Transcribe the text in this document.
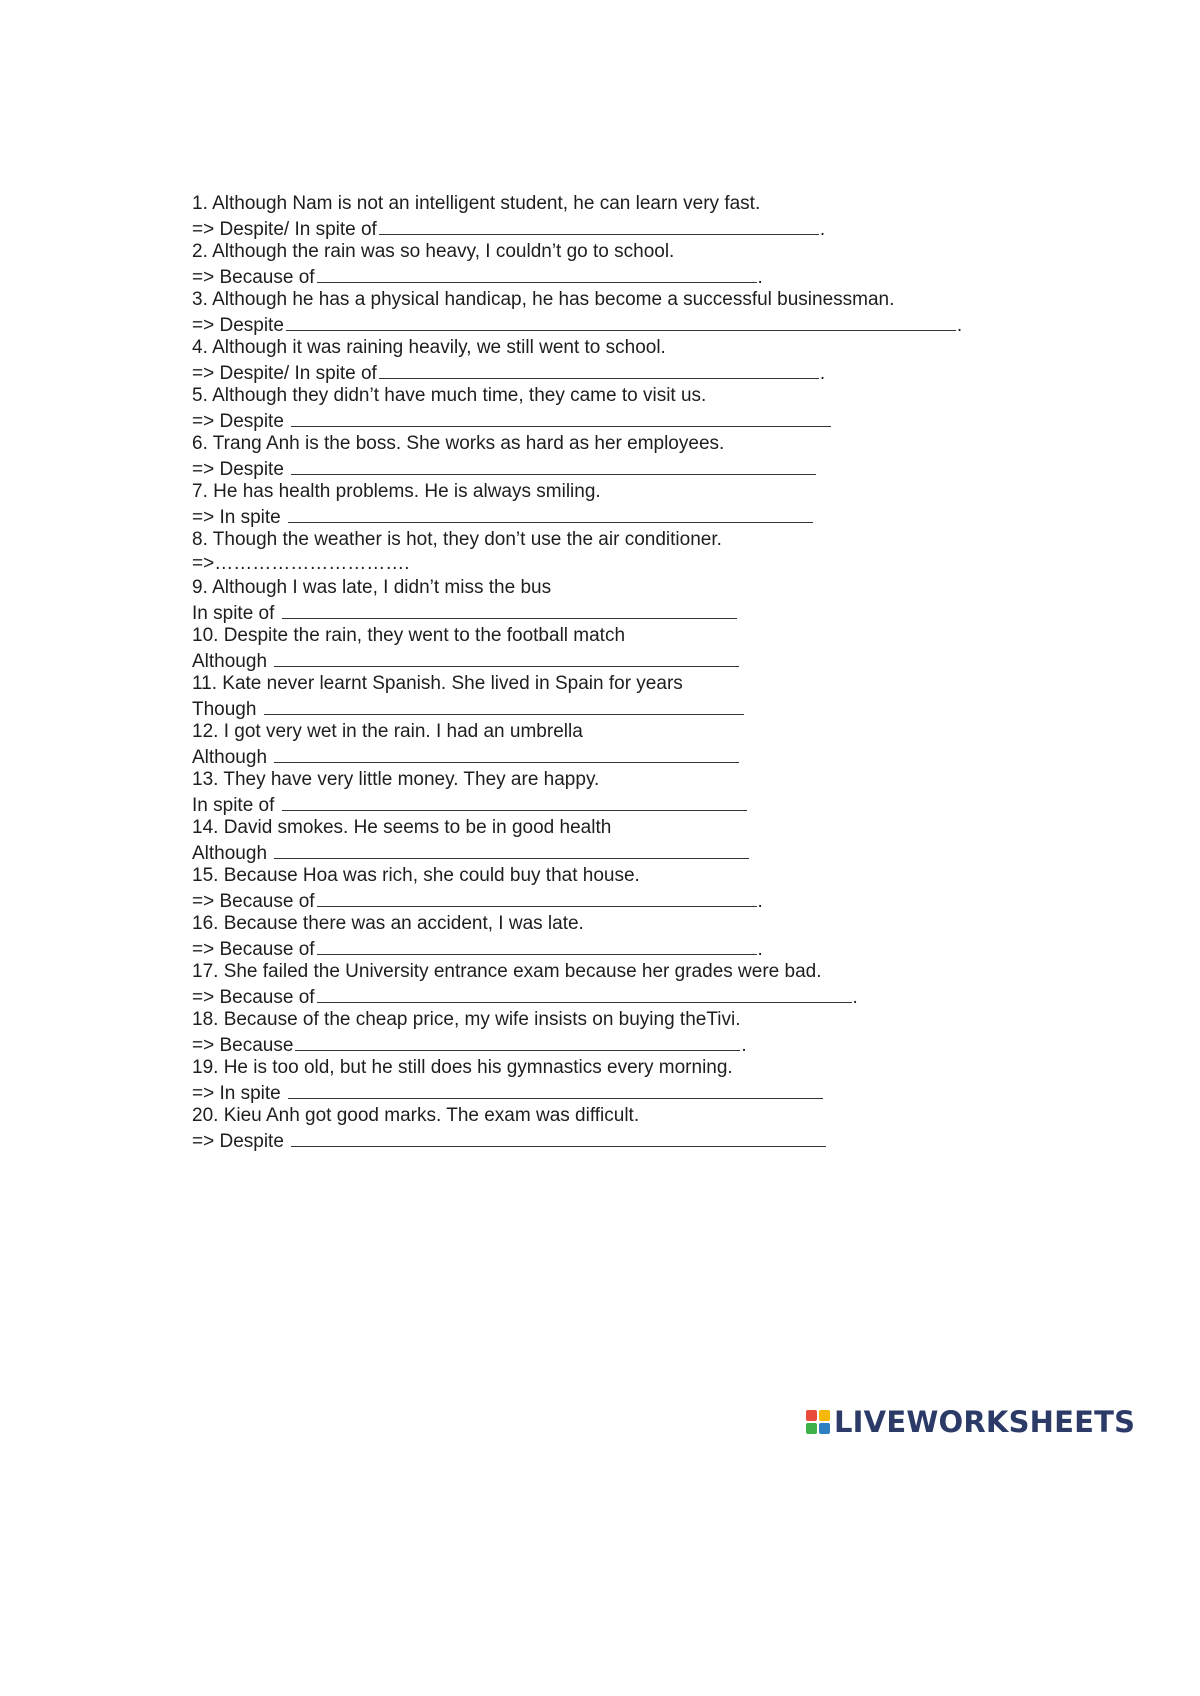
1. Although Nam is not an intelligent student, he can learn very fast.
=> Despite/ In spite of	.
2. Although the rain was so heavy, I couldn’t go to school.
=> Because of	.
3. Although he has a physical handicap, he has become a successful businessman.
=> Despite	.
4. Although it was raining heavily, we still went to school.
=> Despite/ In spite of	.
5. Although they didn’t have much time, they came to visit us.
=> Despite
6. Trang Anh is the boss. She works as hard as her employees.
=> Despite
7. He has health problems. He is always smiling.
=> In spite
8. Though the weather is hot, they don’t use the air conditioner.
=>………………………….
9. Although I was late, I didn’t miss the bus
In spite of
10. Despite the rain, they went to the football match
Although
11. Kate never learnt Spanish. She lived in Spain for years
Though
12. I got very wet in the rain. I had an umbrella
Although
13. They have very little money. They are happy.
In spite of
14. David smokes. He seems to be in good health
Although
15. Because Hoa was rich, she could buy that house.
=> Because of	.
16. Because there was an accident, I was late.
=> Because of	.
17. She failed the University entrance exam because her grades were bad.
=> Because of	.
18. Because of the cheap price, my wife insists on buying theTivi.
=> Because	.
19. He is too old, but he still does his gymnastics every morning.
=> In spite
20. Kieu Anh got good marks. The exam was difficult.
=> Despite
LIVEWORKSHEETS
